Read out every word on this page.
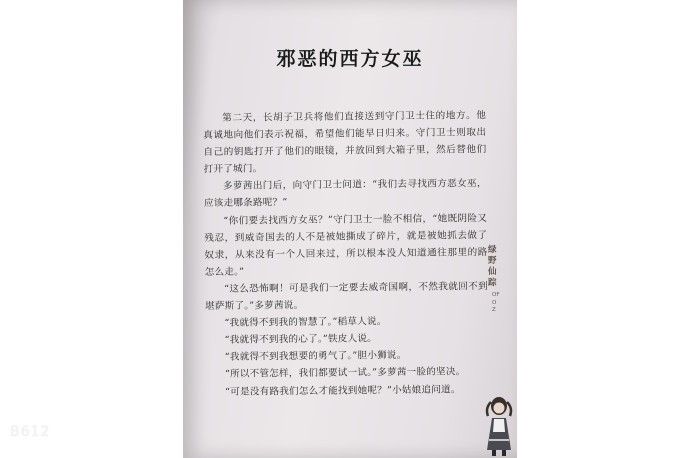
邪恶的西方女巫

第二天，长胡子卫兵将他们直接送到守门卫士住的地方。他真诚地向他们表示祝福，希望他们能早日归来。守门卫士则取出自己的钥匙打开了他们的眼镜，并放回到大箱子里，然后替他们打开了城门。

多萝茜出门后，向守门卫士问道：“我们去寻找西方恶女巫，应该走哪条路呢？”

“你们要去找西方女巫？”守门卫士一脸不相信，“她既阴险又残忍，到威奇国去的人不是被她撕成了碎片，就是被她抓去做了奴隶，从来没有一个人回来过，所以根本没人知道通往那里的路怎么走。”

“这么恐怖啊！可是我们一定要去威奇国啊，不然我就回不到堪萨斯了。”多萝茜说。

“我就得不到我的智慧了。”稻草人说。

“我就得不到我的心了。”铁皮人说。

“我就得不到我想要的勇气了。”胆小狮说。

“所以不管怎样，我们都要试一试。”多萝茜一脸的坚决。

“可是没有路我们怎么才能找到她呢？”小姑娘追问道。

绿野仙踪
OF OZ
B612
